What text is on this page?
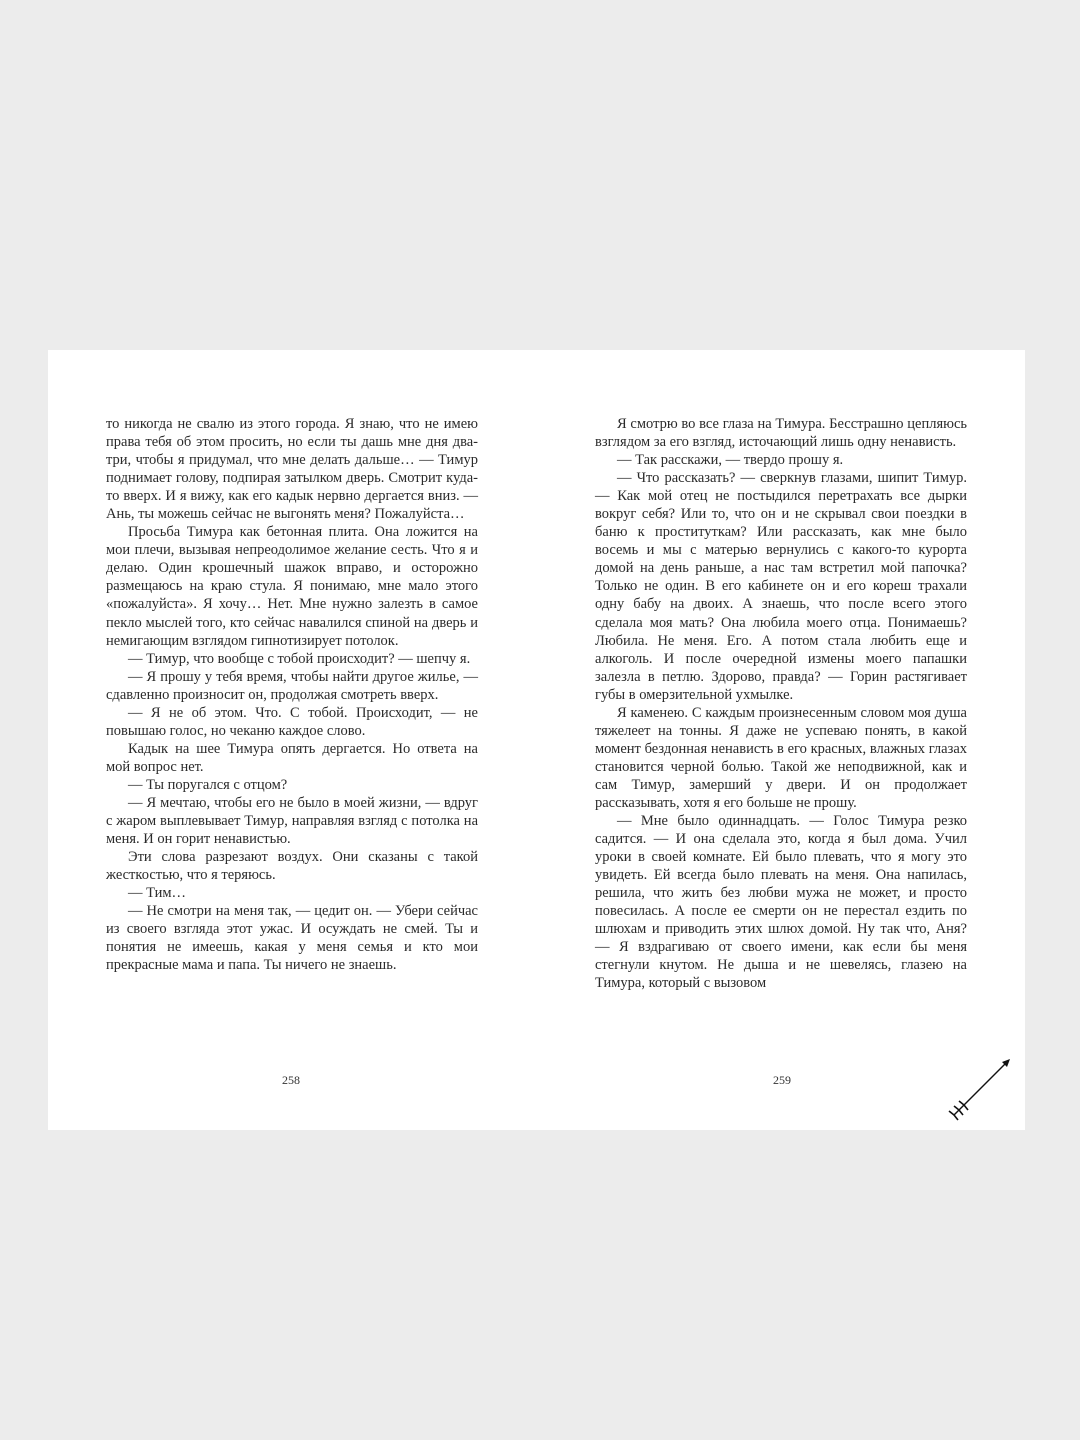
то никогда не свалю из этого города. Я знаю, что не имею права тебя об этом просить, но если ты дашь мне дня два-три, чтобы я придумал, что мне делать дальше… — Тимур поднимает голову, подпирая затылком дверь. Смотрит куда-то вверх. И я вижу, как его кадык нервно дергается вниз. — Ань, ты можешь сейчас не выгонять меня? Пожалуйста…

Просьба Тимура как бетонная плита. Она ложится на мои плечи, вызывая непреодолимое желание сесть. Что я и делаю. Один крошечный шажок вправо, и осторожно размещаюсь на краю стула. Я понимаю, мне мало этого «пожалуйста». Я хочу… Нет. Мне нужно залезть в самое пекло мыслей того, кто сейчас навалился спиной на дверь и немигающим взглядом гипнотизирует потолок.

— Тимур, что вообще с тобой происходит? — шепчу я.

— Я прошу у тебя время, чтобы найти другое жилье, — сдавленно произносит он, продолжая смотреть вверх.

— Я не об этом. Что. С тобой. Происходит, — не повышаю голос, но чеканю каждое слово.

Кадык на шее Тимура опять дергается. Но ответа на мой вопрос нет.

— Ты поругался с отцом?

— Я мечтаю, чтобы его не было в моей жизни, — вдруг с жаром выплевывает Тимур, направляя взгляд с потолка на меня. И он горит ненавистью.

Эти слова разрезают воздух. Они сказаны с такой жесткостью, что я теряюсь.

— Тим…

— Не смотри на меня так, — цедит он. — Убери сейчас из своего взгляда этот ужас. И осуждать не смей. Ты и понятия не имеешь, какая у меня семья и кто мои прекрасные мама и папа. Ты ничего не знаешь.

Я смотрю во все глаза на Тимура. Бесстрашно цепляюсь взглядом за его взгляд, источающий лишь одну ненависть.

— Так расскажи, — твердо прошу я.

— Что рассказать? — сверкнув глазами, шипит Тимур. — Как мой отец не постыдился перетрахать все дырки вокруг себя? Или то, что он и не скрывал свои поездки в баню к проституткам? Или рассказать, как мне было восемь и мы с матерью вернулись с какого-то курорта домой на день раньше, а нас там встретил мой папочка? Только не один. В его кабинете он и его кореш трахали одну бабу на двоих. А знаешь, что после всего этого сделала моя мать? Она любила моего отца. Понимаешь? Любила. Не меня. Его. А потом стала любить еще и алкоголь. И после очередной измены моего папашки залезла в петлю. Здорово, правда? — Горин растягивает губы в омерзительной ухмылке.

Я каменею. С каждым произнесенным словом моя душа тяжелеет на тонны. Я даже не успеваю понять, в какой момент бездонная ненависть в его красных, влажных глазах становится черной болью. Такой же неподвижной, как и сам Тимур, замерший у двери. И он продолжает рассказывать, хотя я его больше не прошу.

— Мне было одиннадцать. — Голос Тимура резко садится. — И она сделала это, когда я был дома. Учил уроки в своей комнате. Ей было плевать, что я могу это увидеть. Ей всегда было плевать на меня. Она напилась, решила, что жить без любви мужа не может, и просто повесилась. А после ее смерти он не перестал ездить по шлюхам и приводить этих шлюх домой. Ну так что, Аня? — Я вздрагиваю от своего имени, как если бы меня стегнули кнутом. Не дыша и не шевелясь, глазею на Тимура, который с вызовом

258	259
